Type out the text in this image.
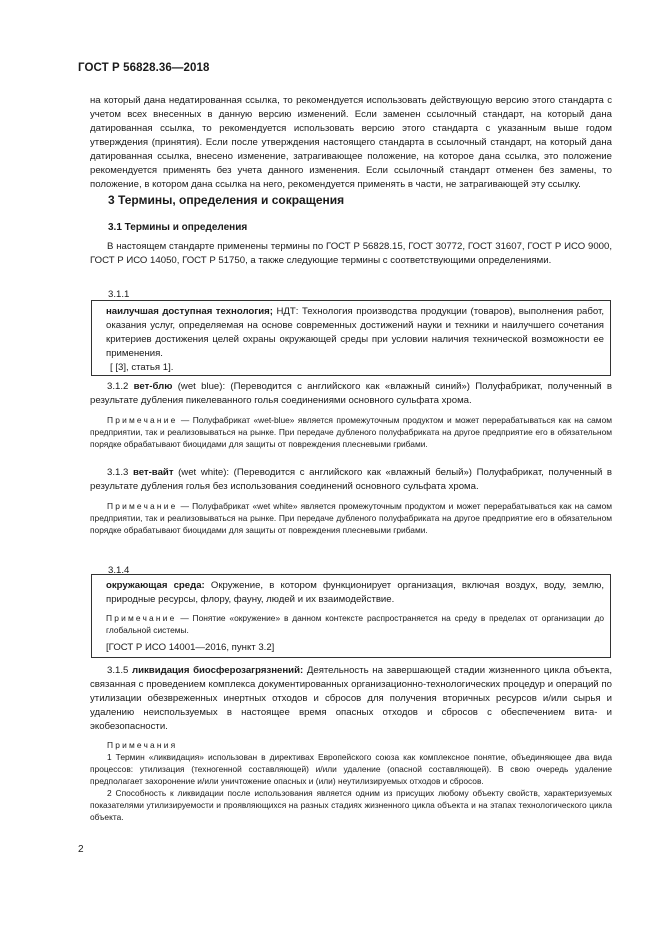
ГОСТ Р 56828.36—2018

на который дана недатированная ссылка, то рекомендуется использовать действующую версию этого стандарта с учетом всех внесенных в данную версию изменений. Если заменен ссылочный стандарт, на который дана датированная ссылка, то рекомендуется использовать версию этого стандарта с указанным выше годом утверждения (принятия). Если после утверждения настоящего стандарта в ссылочный стандарт, на который дана датированная ссылка, внесено изменение, затрагивающее положение, на которое дана ссылка, это положение рекомендуется применять без учета данного изменения. Если ссылочный стандарт отменен без замены, то положение, в котором дана ссылка на него, рекомендуется применять в части, не затрагивающей эту ссылку.

3 Термины, определения и сокращения
3.1 Термины и определения

В настоящем стандарте применены термины по ГОСТ Р 56828.15, ГОСТ 30772, ГОСТ 31607, ГОСТ Р ИСО 9000, ГОСТ Р ИСО 14050, ГОСТ Р 51750, а также следующие термины с соответствующими определениями.

3.1.1

наилучшая доступная технология; НДТ: Технология производства продукции (товаров), выполнения работ, оказания услуг, определяемая на основе современных достижений науки и техники и наилучшего сочетания критериев достижения целей охраны окружающей среды при условии наличия технической возможности ее применения.

[ [3], статья 1].

3.1.2 вет-блю (wet blue): (Переводится с английского как «влажный синий») Полуфабрикат, полученный в результате дубления пикелеванного голья соединениями основного сульфата хрома.

Примечание — Полуфабрикат «wet-blue» является промежуточным продуктом и может перерабатываться как на самом предприятии, так и реализовываться на рынке. При передаче дубленого полуфабриката на другое предприятие его в обязательном порядке обрабатывают биоцидами для защиты от повреждения плесневыми грибами.

3.1.3 вет-вайт (wet white): (Переводится с английского как «влажный белый») Полуфабрикат, полученный в результате дубления голья без использования соединений основного сульфата хрома.

Примечание — Полуфабрикат «wet white» является промежуточным продуктом и может перерабатываться как на самом предприятии, так и реализовываться на рынке. При передаче дубленого полуфабриката на другое предприятие его в обязательном порядке обрабатывают биоцидами для защиты от повреждения плесневыми грибами.

3.1.4

окружающая среда: Окружение, в котором функционирует организация, включая воздух, воду, землю, природные ресурсы, флору, фауну, людей и их взаимодействие.

Примечание — Понятие «окружение» в данном контексте распространяется на среду в пределах от организации до глобальной системы.

[ГОСТ Р ИСО 14001—2016, пункт 3.2]

3.1.5 ликвидация биосферозагрязнений: Деятельность на завершающей стадии жизненного цикла объекта, связанная с проведением комплекса документированных организационно-технологических процедур и операций по утилизации обезвреженных инертных отходов и сбросов для получения вторичных ресурсов и/или сырья и удалению неиспользуемых в настоящее время опасных отходов и сбросов с обеспечением вита- и экобезопасности.

Примечания

1 Термин «ликвидация» использован в директивах Европейского союза как комплексное понятие, объединяющее два вида процессов: утилизация (техногенной составляющей) и/или удаление (опасной составляющей). В свою очередь удаление предполагает захоронение и/или уничтожение опасных и (или) неутилизируемых отходов и сбросов.

2 Способность к ликвидации после использования является одним из присущих любому объекту свойств, характеризуемых показателями утилизируемости и проявляющихся на разных стадиях жизненного цикла объекта и на этапах технологического цикла объекта.

2
